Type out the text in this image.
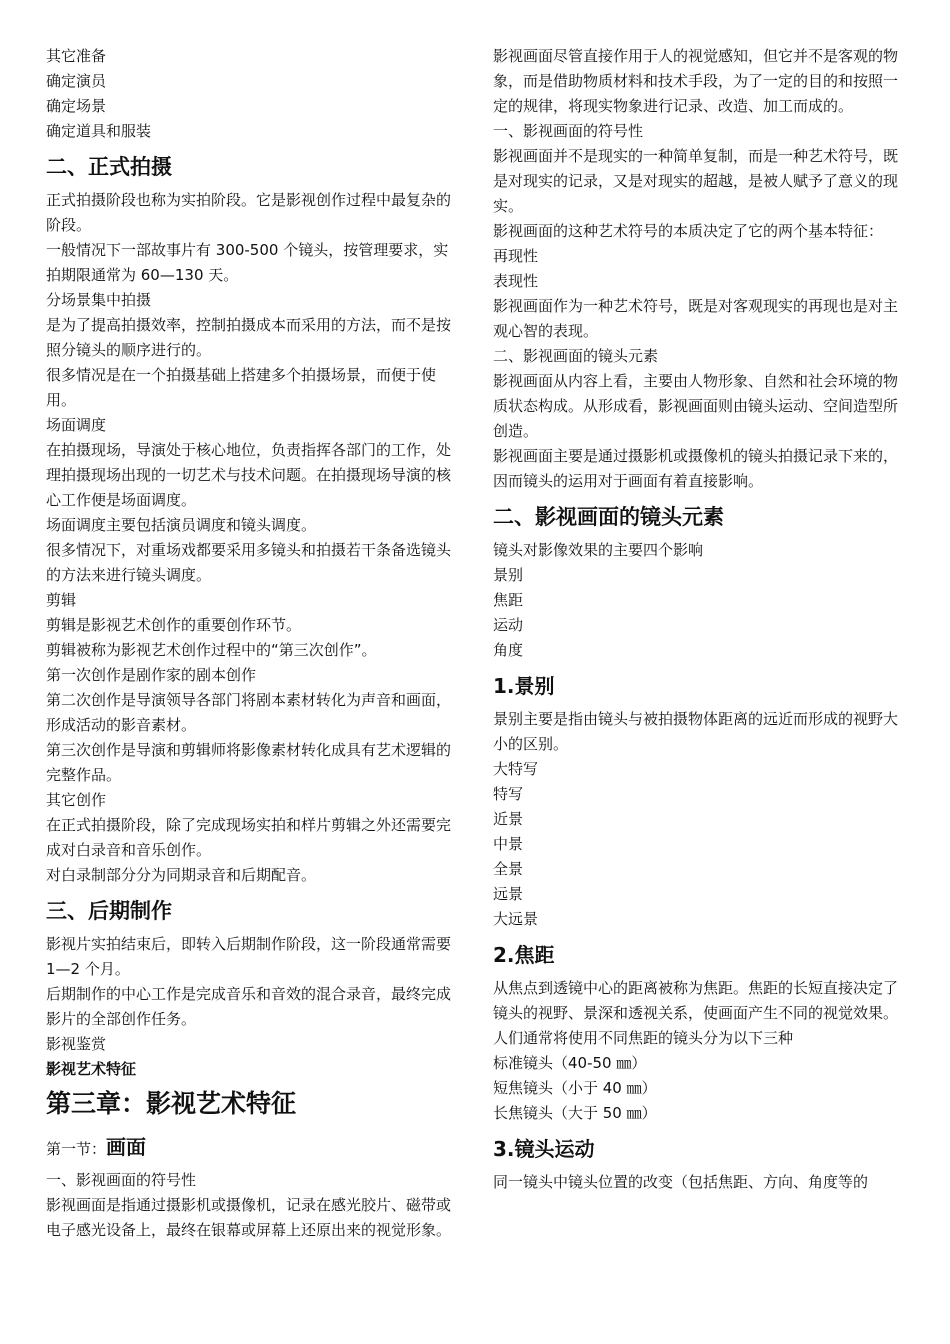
其它准备

确定演员

确定场景

确定道具和服装

二、正式拍摄

正式拍摄阶段也称为实拍阶段。它是影视创作过程中最复杂的阶段。

一般情况下一部故事片有 300-500 个镜头，按管理要求，实拍期限通常为 60—130 天。

分场景集中拍摄

是为了提高拍摄效率，控制拍摄成本而采用的方法，而不是按照分镜头的顺序进行的。

很多情况是在一个拍摄基础上搭建多个拍摄场景，而便于使用。

场面调度

在拍摄现场，导演处于核心地位，负责指挥各部门的工作，处理拍摄现场出现的一切艺术与技术问题。在拍摄现场导演的核心工作便是场面调度。

场面调度主要包括演员调度和镜头调度。

很多情况下，对重场戏都要采用多镜头和拍摄若干条备选镜头的方法来进行镜头调度。

剪辑

剪辑是影视艺术创作的重要创作环节。

剪辑被称为影视艺术创作过程中的“第三次创作”。

第一次创作是剧作家的剧本创作

第二次创作是导演领导各部门将剧本素材转化为声音和画面，形成活动的影音素材。

第三次创作是导演和剪辑师将影像素材转化成具有艺术逻辑的完整作品。

其它创作

在正式拍摄阶段，除了完成现场实拍和样片剪辑之外还需要完成对白录音和音乐创作。

对白录制部分分为同期录音和后期配音。

三、后期制作

影视片实拍结束后，即转入后期制作阶段，这一阶段通常需要 1—2 个月。

后期制作的中心工作是完成音乐和音效的混合录音，最终完成影片的全部创作任务。

影视鉴赏

影视艺术特征

第三章：影视艺术特征
第一节：画面

一、影视画面的符号性

影视画面是指通过摄影机或摄像机，记录在感光胶片、磁带或电子感光设备上，最终在银幕或屏幕上还原出来的视觉形象。

影视画面尽管直接作用于人的视觉感知，但它并不是客观的物象，而是借助物质材料和技术手段，为了一定的目的和按照一定的规律，将现实物象进行记录、改造、加工而成的。

一、影视画面的符号性

影视画面并不是现实的一种简单复制，而是一种艺术符号，既是对现实的记录，又是对现实的超越，是被人赋予了意义的现实。

影视画面的这种艺术符号的本质决定了它的两个基本特征：

再现性

表现性

影视画面作为一种艺术符号，既是对客观现实的再现也是对主观心智的表现。

二、影视画面的镜头元素

影视画面从内容上看，主要由人物形象、自然和社会环境的物质状态构成。从形成看，影视画面则由镜头运动、空间造型所创造。

影视画面主要是通过摄影机或摄像机的镜头拍摄记录下来的，因而镜头的运用对于画面有着直接影响。

二、影视画面的镜头元素

镜头对影像效果的主要四个影响

景别

焦距

运动

角度

1.景别

景别主要是指由镜头与被拍摄物体距离的远近而形成的视野大小的区别。

大特写

特写

近景

中景

全景

远景

大远景

2.焦距

从焦点到透镜中心的距离被称为焦距。焦距的长短直接决定了镜头的视野、景深和透视关系，使画面产生不同的视觉效果。

人们通常将使用不同焦距的镜头分为以下三种

标准镜头（40-50 ㎜）

短焦镜头（小于 40 ㎜）

长焦镜头（大于 50 ㎜）

3.镜头运动

同一镜头中镜头位置的改变（包括焦距、方向、角度等的
